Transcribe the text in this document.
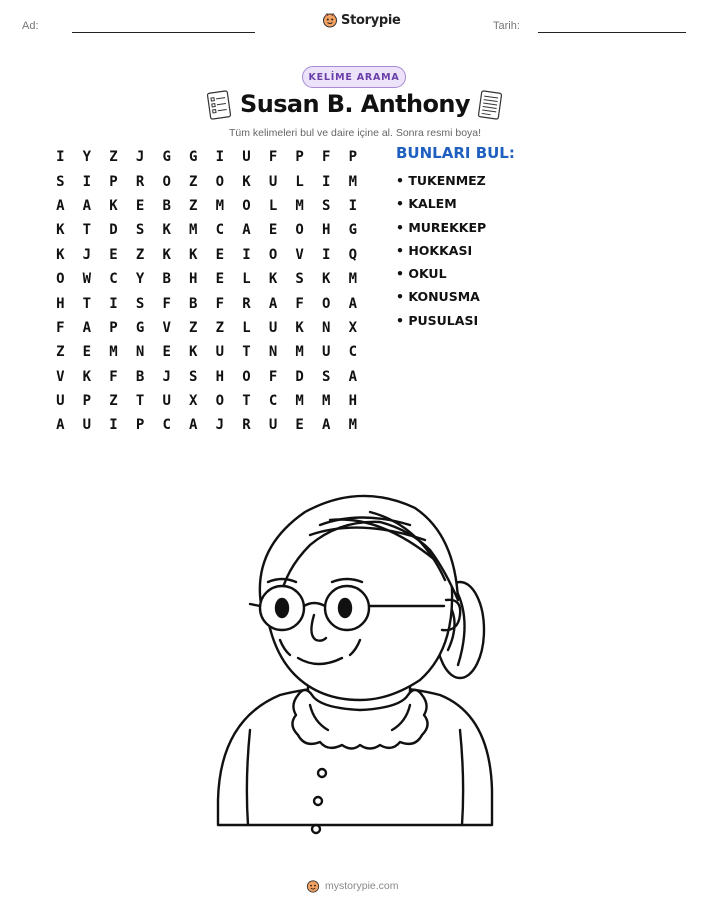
Ad:	Storypie	Tarih:
KELİME ARAMA
Susan B. Anthony
Tüm kelimeleri bul ve daire içine al. Sonra resmi boya!
I	Y	Z	J	G	G	I	U	F	P	F	P
S	I	P	R	O	Z	O	K	U	L	I	M
A	A	K	E	B	Z	M	O	L	M	S	I
K	T	D	S	K	M	C	A	E	O	H	G
K	J	E	Z	K	K	E	I	O	V	I	Q
O	W	C	Y	B	H	E	L	K	S	K	M
H	T	I	S	F	B	F	R	A	F	O	A
F	A	P	G	V	Z	Z	L	U	K	N	X
Z	E	M	N	E	K	U	T	N	M	U	C
V	K	F	B	J	S	H	O	F	D	S	A
U	P	Z	T	U	X	O	T	C	M	M	H
A	U	I	P	C	A	J	R	U	E	A	M
BUNLARI BUL:
• TUKENMEZ
• KALEM
• MUREKKEP
• HOKKASI
• OKUL
• KONUSMA
• PUSULASI
mystorypie.com
